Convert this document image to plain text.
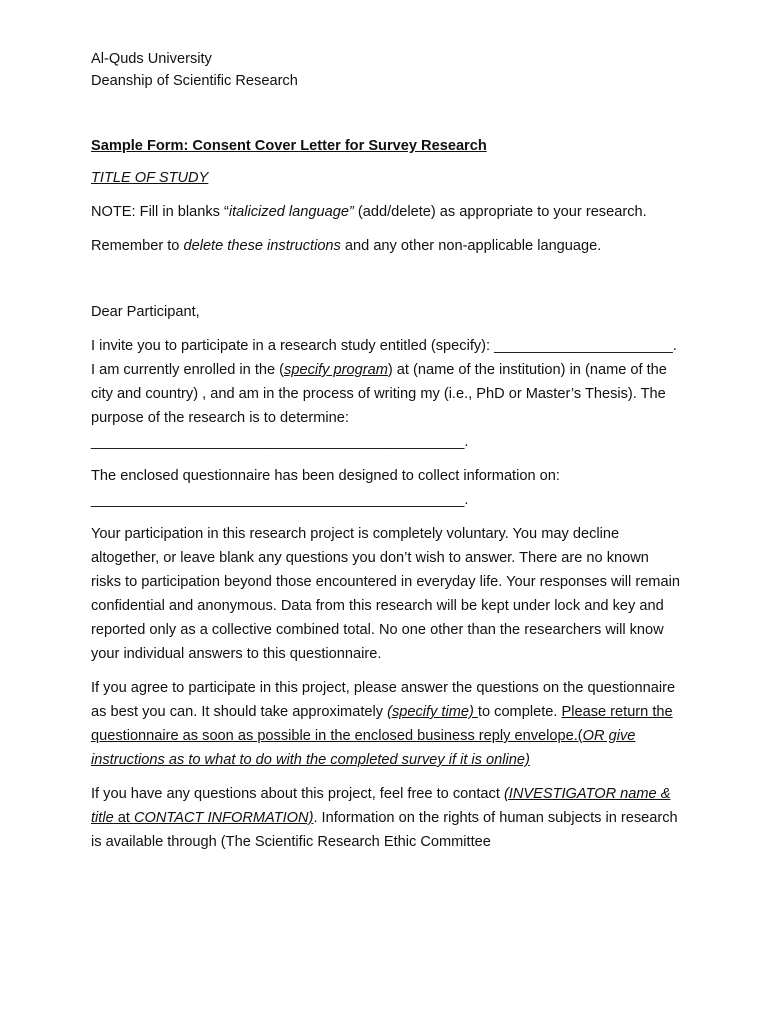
Al-Quds University
Deanship of Scientific Research

Sample Form: Consent Cover Letter for Survey Research

TITLE OF STUDY

NOTE: Fill in blanks “italicized language” (add/delete) as appropriate to your research.

Remember to delete these instructions and any other non-applicable language.

Dear Participant,

I invite you to participate in a research study entitled (specify): ______________________. I am currently enrolled in the (specify program) at (name of the institution) in (name of the city and country) , and am in the process of writing my (i.e., PhD or Master’s Thesis). The purpose of the research is to determine: ______________________________________________.

The enclosed questionnaire has been designed to collect information on: ______________________________________________.

Your participation in this research project is completely voluntary. You may decline altogether, or leave blank any questions you don’t wish to answer. There are no known risks to participation beyond those encountered in everyday life. Your responses will remain confidential and anonymous. Data from this research will be kept under lock and key and reported only as a collective combined total. No one other than the researchers will know your individual answers to this questionnaire.

If you agree to participate in this project, please answer the questions on the questionnaire as best you can. It should take approximately (specify time) to complete. Please return the questionnaire as soon as possible in the enclosed business reply envelope.(OR give instructions as to what to do with the completed survey if it is online)

If you have any questions about this project, feel free to contact (INVESTIGATOR name & title at CONTACT INFORMATION). Information on the rights of human subjects in research is available through (The Scientific Research Ethic Committee
